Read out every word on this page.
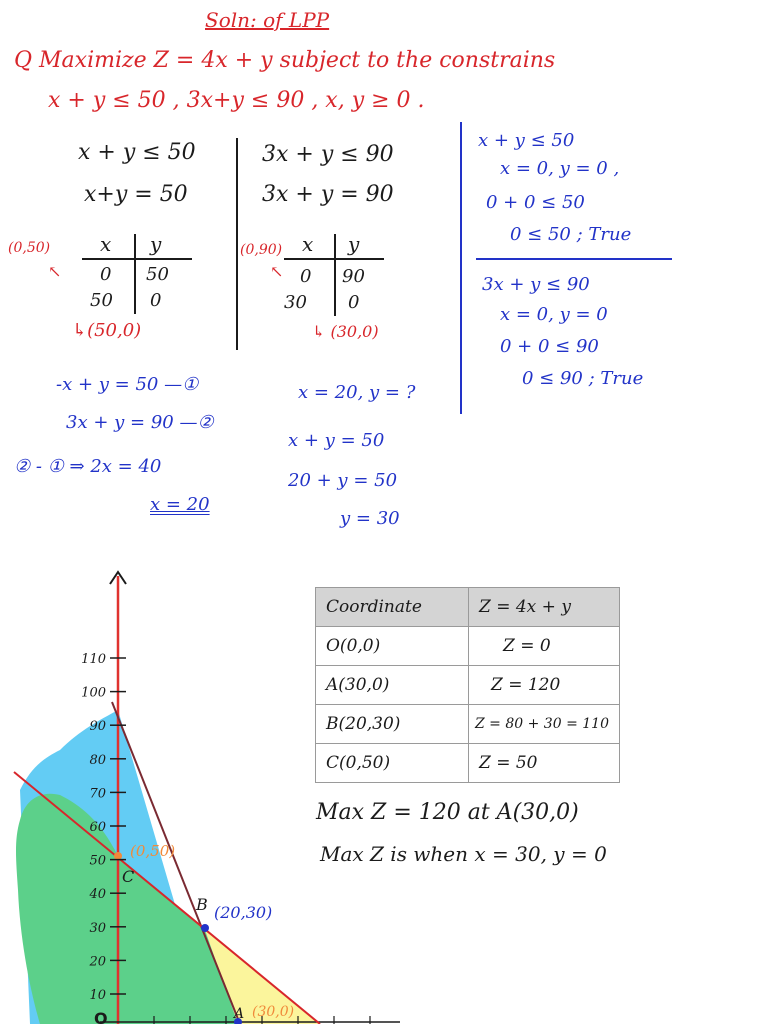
Soln: of LPP
Q Maximize Z = 4x + y subject to the constrains
x + y ≤ 50 , 3x+y ≤ 90 , x, y ≥ 0 .
x + y ≤ 50
x+y = 50
(0,50)
↖
x y
0 50
50 0
↳(50,0)
3x + y ≤ 90
3x + y = 90
(0,90)
↖
x y
0 90
30 0
↳ (30,0)
x + y ≤ 50
x = 0, y = 0 ,
0 + 0 ≤ 50
0 ≤ 50 ; True
3x + y ≤ 90
x = 0, y = 0
0 + 0 ≤ 90
0 ≤ 90 ; True
-x + y = 50 —①
3x + y = 90 —②
② - ① ⇒ 2x = 40
x = 20
x = 20, y = ?
x + y = 50
20 + y = 50
y = 30
110
100
90
80
70
60
50
40
30
20
10
C
B
A
(0,50)
(20,30)
(30,0)
O
Coordinate	Z = 4x + y
O(0,0)	Z = 0
A(30,0)	Z = 120
B(20,30)	Z = 80 + 30 = 110
C(0,50)	Z = 50
Max Z = 120 at A(30,0)
Max Z is when x = 30, y = 0
